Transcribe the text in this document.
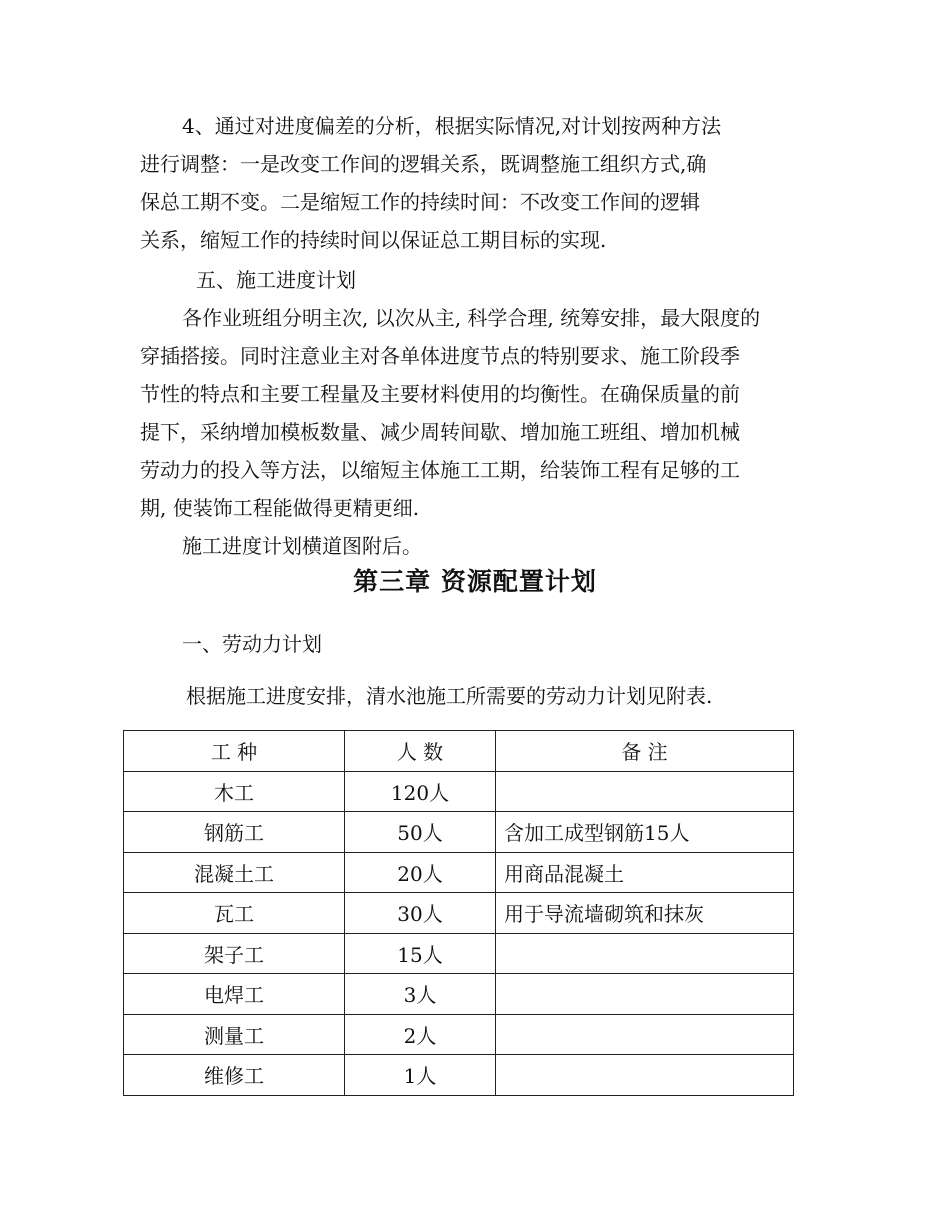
4、通过对进度偏差的分析，根据实际情况,对计划按两种方法
进行调整：一是改变工作间的逻辑关系，既调整施工组织方式,确
保总工期不变。二是缩短工作的持续时间：不改变工作间的逻辑
关系，缩短工作的持续时间以保证总工期目标的实现.
五、施工进度计划
各作业班组分明主次, 以次从主, 科学合理, 统筹安排，最大限度的
穿插搭接。同时注意业主对各单体进度节点的特别要求、施工阶段季
节性的特点和主要工程量及主要材料使用的均衡性。在确保质量的前
提下，采纳增加模板数量、减少周转间歇、增加施工班组、增加机械
劳动力的投入等方法，以缩短主体施工工期，给装饰工程有足够的工
期, 使装饰工程能做得更精更细.
施工进度计划横道图附后。
第三章 资源配置计划
一、劳动力计划
根据施工进度安排，清水池施工所需要的劳动力计划见附表.
工 种	人 数	备 注
木工	120人	
钢筋工	50人	含加工成型钢筋15人
混凝土工	20人	用商品混凝土
瓦工	30人	用于导流墙砌筑和抹灰
架子工	15人	
电焊工	3人	
测量工	2人	
维修工	1人	
